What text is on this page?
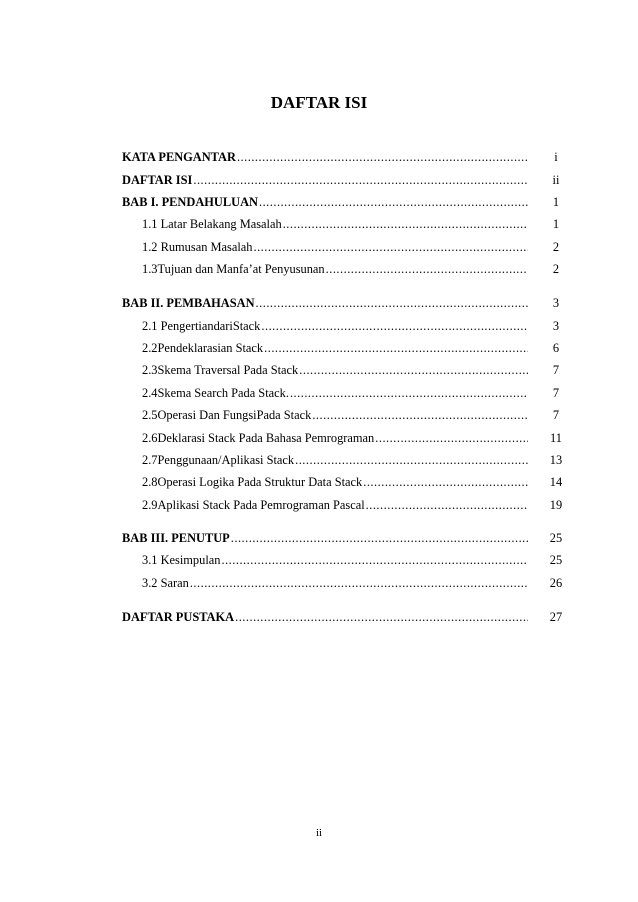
DAFTAR ISI
KATA PENGANTAR .....	i
DAFTAR ISI .....	ii
BAB I. PENDAHULUAN .....	1
1.1 Latar Belakang Masalah .....	1
1.2 Rumusan Masalah .....	2
1.3Tujuan dan Manfa’at Penyusunan .....	2
BAB II. PEMBAHASAN .....	3
2.1 PengertiandariStack .....	3
2.2Pendeklarasian Stack .....	6
2.3Skema Traversal Pada Stack .....	7
2.4Skema Search Pada Stack. .....	7
2.5Operasi Dan FungsiPada Stack .....	7
2.6Deklarasi Stack Pada Bahasa Pemrograman .....	11
2.7Penggunaan/Aplikasi Stack .....	13
2.8Operasi Logika Pada Struktur Data Stack .....	14
2.9Aplikasi Stack Pada Pemrograman Pascal .....	19
BAB III. PENUTUP .....	25
3.1 Kesimpulan .....	25
3.2 Saran .....	26
DAFTAR PUSTAKA .....	27
ii
